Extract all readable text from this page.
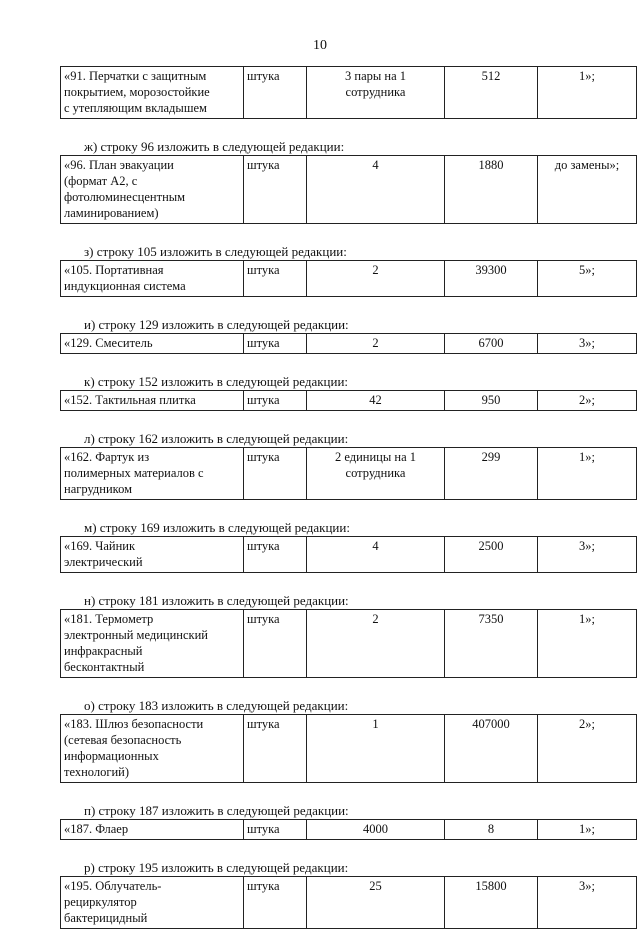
10
«91. Перчатки с защитным
покрытием, морозостойкие
с утепляющим вкладышем	штука	3 пары на 1
сотрудника	512	1»;
ж) строку 96 изложить в следующей редакции:
«96. План эвакуации
(формат А2, с
фотолюминесцентным
ламинированием)	штука	4	1880	до замены»;
з) строку 105 изложить в следующей редакции:
«105. Портативная
индукционная система	штука	2	39300	5»;
и) строку 129 изложить в следующей редакции:
«129. Смеситель	штука	2	6700	3»;
к) строку 152 изложить в следующей редакции:
«152. Тактильная плитка	штука	42	950	2»;
л) строку 162 изложить в следующей редакции:
«162. Фартук из
полимерных материалов с
нагрудником	штука	2 единицы на 1
сотрудника	299	1»;
м) строку 169 изложить в следующей редакции:
«169. Чайник
электрический	штука	4	2500	3»;
н) строку 181 изложить в следующей редакции:
«181. Термометр
электронный медицинский
инфракрасный
бесконтактный	штука	2	7350	1»;
о) строку 183 изложить в следующей редакции:
«183. Шлюз безопасности
(сетевая безопасность
информационных
технологий)	штука	1	407000	2»;
п) строку 187 изложить в следующей редакции:
«187. Флаер	штука	4000	8	1»;
р) строку 195 изложить в следующей редакции:
«195. Облучатель-
рециркулятор
бактерицидный	штука	25	15800	3»;
